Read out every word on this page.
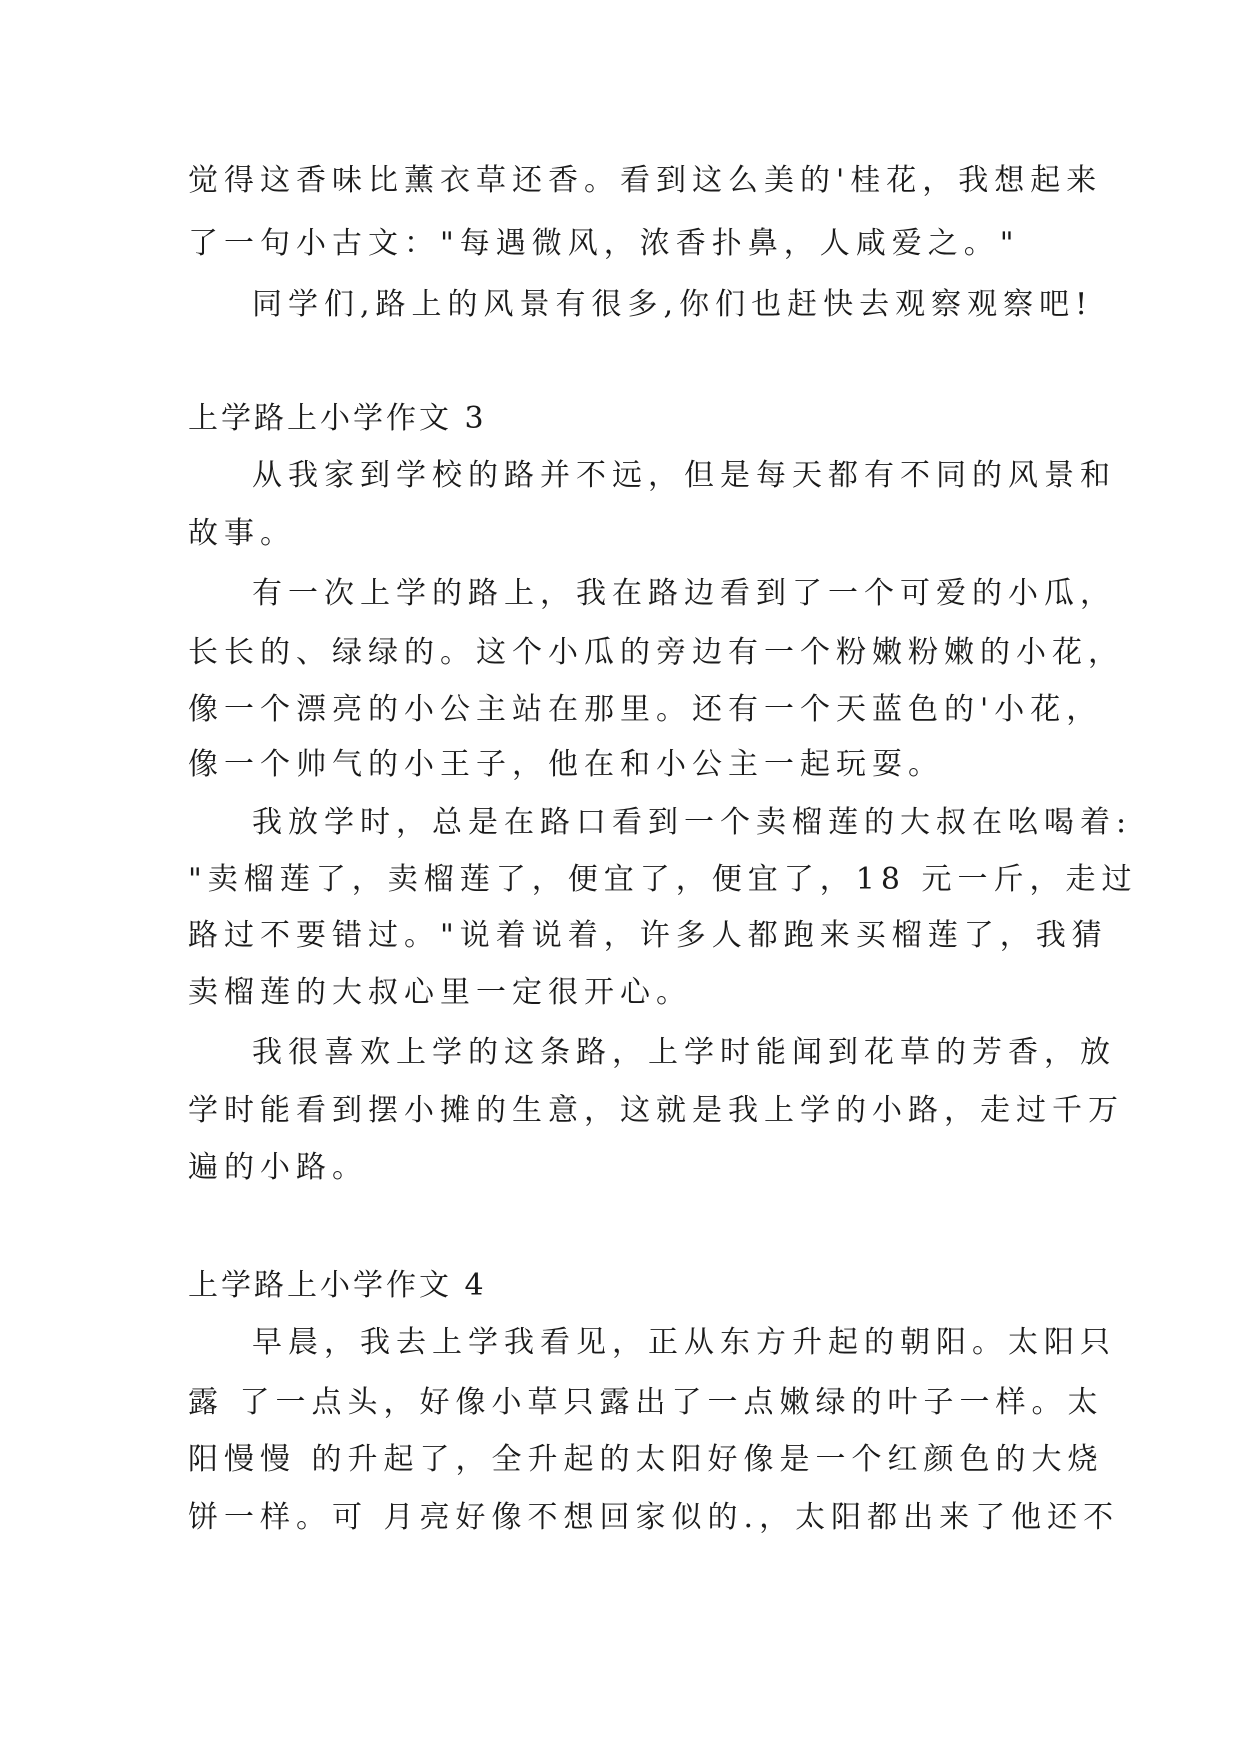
觉得这香味比薰衣草还香。看到这么美的'桂花，我想起来
了一句小古文："每遇微风，浓香扑鼻，人咸爱之。"
同学们,路上的风景有很多,你们也赶快去观察观察吧!
上学路上小学作文 3
从我家到学校的路并不远，但是每天都有不同的风景和
故事。
有一次上学的路上，我在路边看到了一个可爱的小瓜，
长长的、绿绿的。这个小瓜的旁边有一个粉嫩粉嫩的小花，
像一个漂亮的小公主站在那里。还有一个天蓝色的'小花，
像一个帅气的小王子，他在和小公主一起玩耍。
我放学时，总是在路口看到一个卖榴莲的大叔在吆喝着:
"卖榴莲了，卖榴莲了，便宜了，便宜了，18 元一斤，走过
路过不要错过。"说着说着，许多人都跑来买榴莲了，我猜
卖榴莲的大叔心里一定很开心。
我很喜欢上学的这条路，上学时能闻到花草的芳香，放
学时能看到摆小摊的生意，这就是我上学的小路，走过千万
遍的小路。
上学路上小学作文 4
早晨，我去上学我看见，正从东方升起的朝阳。太阳只
露 了一点头，好像小草只露出了一点嫩绿的叶子一样。太
阳慢慢 的升起了，全升起的太阳好像是一个红颜色的大烧
饼一样。可 月亮好像不想回家似的.，太阳都出来了他还不
